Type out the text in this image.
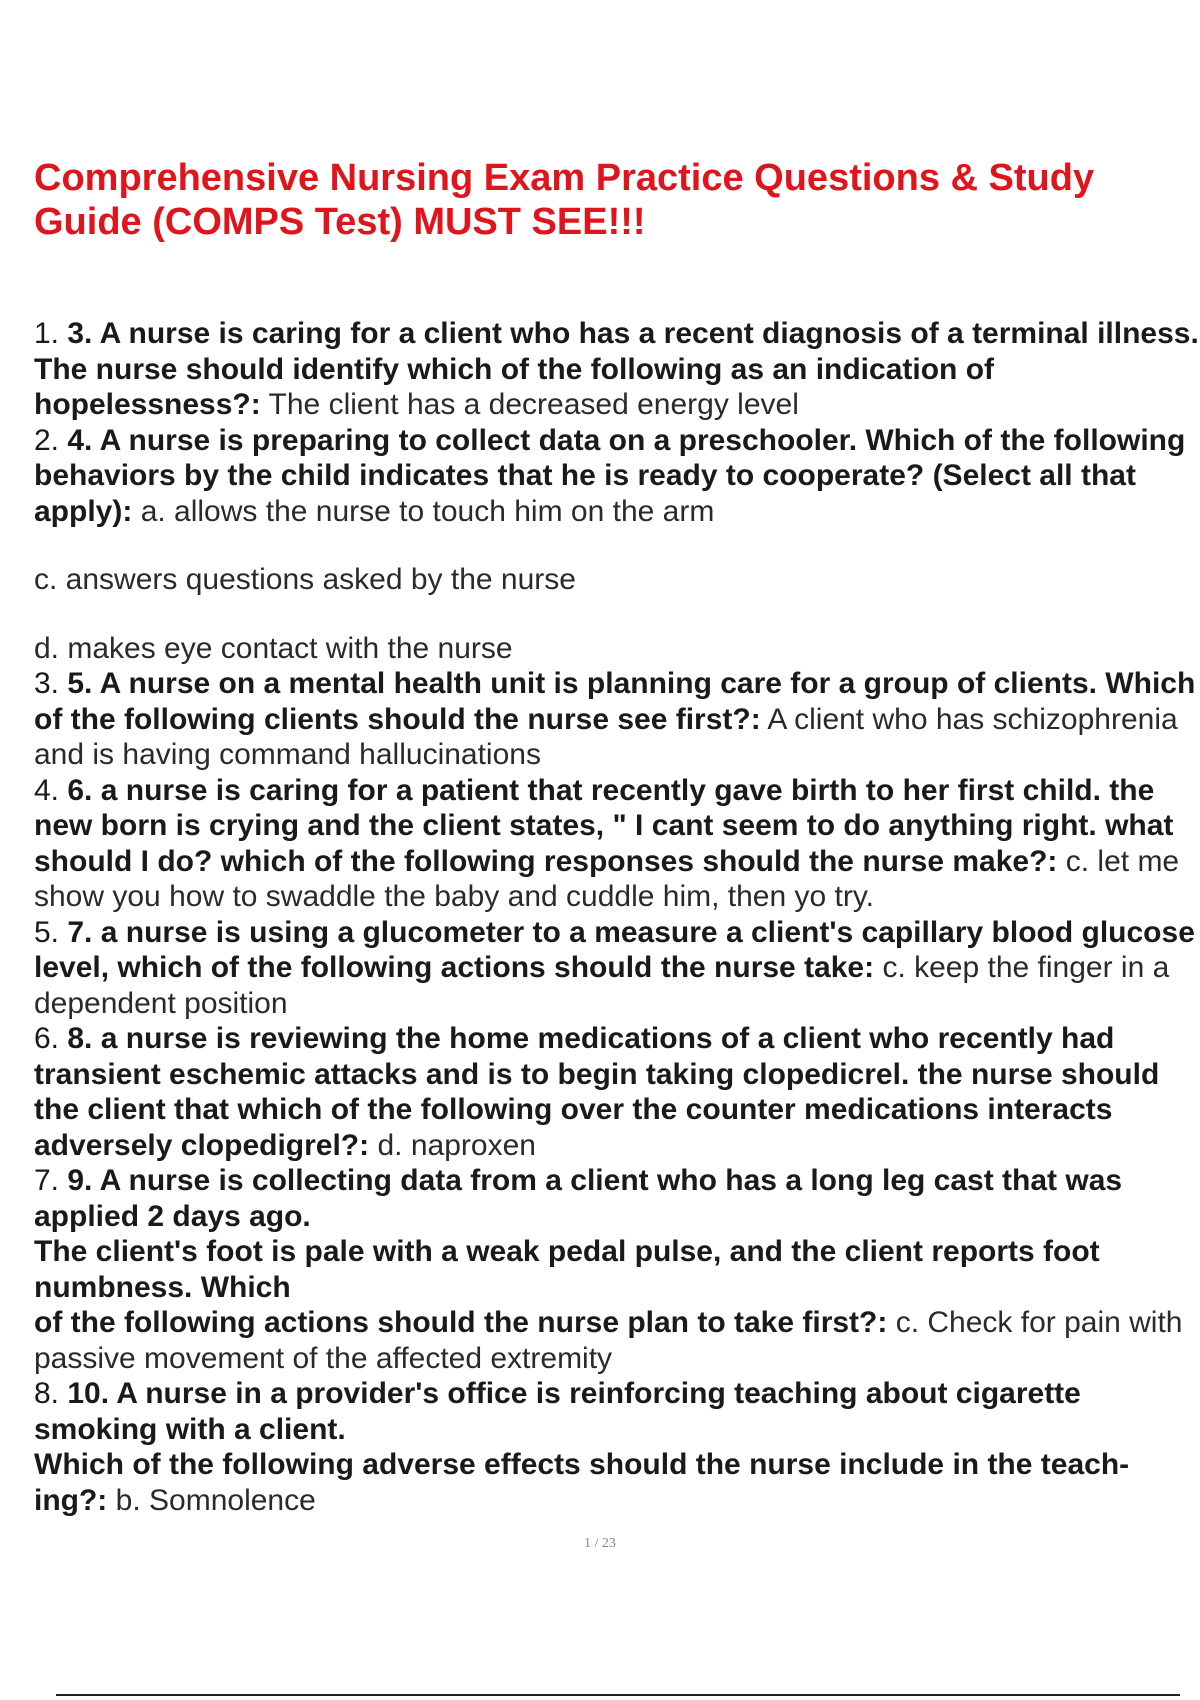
Comprehensive Nursing Exam Practice Questions & Study Guide (COMPS Test) MUST SEE!!!

1. 3. A nurse is caring for a client who has a recent diagnosis of a terminal illness. The nurse should identify which of the following as an indication of hopelessness?: The client has a decreased energy level

2. 4. A nurse is preparing to collect data on a preschooler. Which of the following behaviors by the child indicates that he is ready to cooperate? (Select all that apply): a. allows the nurse to touch him on the arm

c. answers questions asked by the nurse

d. makes eye contact with the nurse

3. 5. A nurse on a mental health unit is planning care for a group of clients. Which of the following clients should the nurse see first?: A client who has schizophrenia and is having command hallucinations

4. 6. a nurse is caring for a patient that recently gave birth to her first child. the new born is crying and the client states, " I cant seem to do anything right. what should I do? which of the following responses should the nurse make?: c. let me show you how to swaddle the baby and cuddle him, then yo try.

5. 7. a nurse is using a glucometer to a measure a client's capillary blood glucose level, which of the following actions should the nurse take: c. keep the finger in a dependent position

6. 8. a nurse is reviewing the home medications of a client who recently had transient eschemic attacks and is to begin taking clopedicrel. the nurse should the client that which of the following over the counter medications interacts adversely clopedigrel?: d. naproxen

7. 9. A nurse is collecting data from a client who has a long leg cast that was applied 2 days ago.
The client's foot is pale with a weak pedal pulse, and the client reports foot numbness. Which
of the following actions should the nurse plan to take first?: c. Check for pain with passive movement of the affected extremity

8. 10. A nurse in a provider's office is reinforcing teaching about cigarette smoking with a client.
Which of the following adverse effects should the nurse include in the teach-ing?: b. Somnolence

1 / 23
